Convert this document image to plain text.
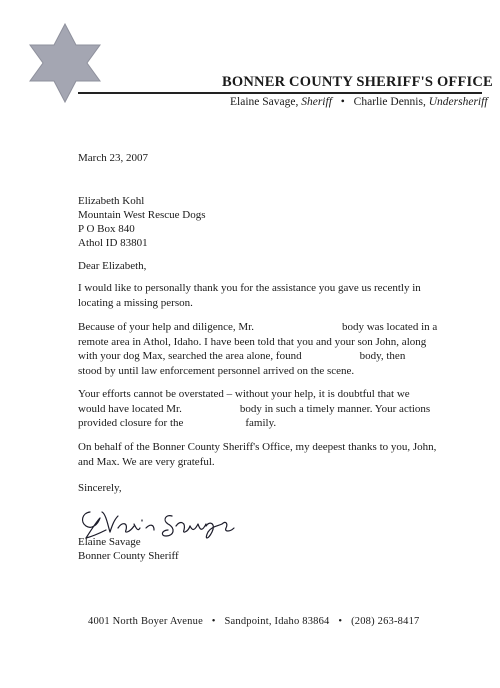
BONNER COUNTY SHERIFF'S OFFICE
Elaine Savage, Sheriff • Charlie Dennis, Undersheriff
March 23, 2007
Elizabeth Kohl
Mountain West Rescue Dogs
P O Box 840
Athol ID 83801
Dear Elizabeth,
I would like to personally thank you for the assistance you gave us recently in
locating a missing person.
Because of your help and diligence, Mr.	body was located in a
remote area in Athol, Idaho. I have been told that you and your son John, along
with your dog Max, searched the area alone, found	body, then
stood by until law enforcement personnel arrived on the scene.
Your efforts cannot be overstated – without your help, it is doubtful that we
would have located Mr.	body in such a timely manner. Your actions
provided closure for the	family.
On behalf of the Bonner County Sheriff's Office, my deepest thanks to you, John,
and Max. We are very grateful.
Sincerely,
Elaine Savage
Bonner County Sheriff
4001 North Boyer Avenue • Sandpoint, Idaho 83864 • (208) 263-8417
